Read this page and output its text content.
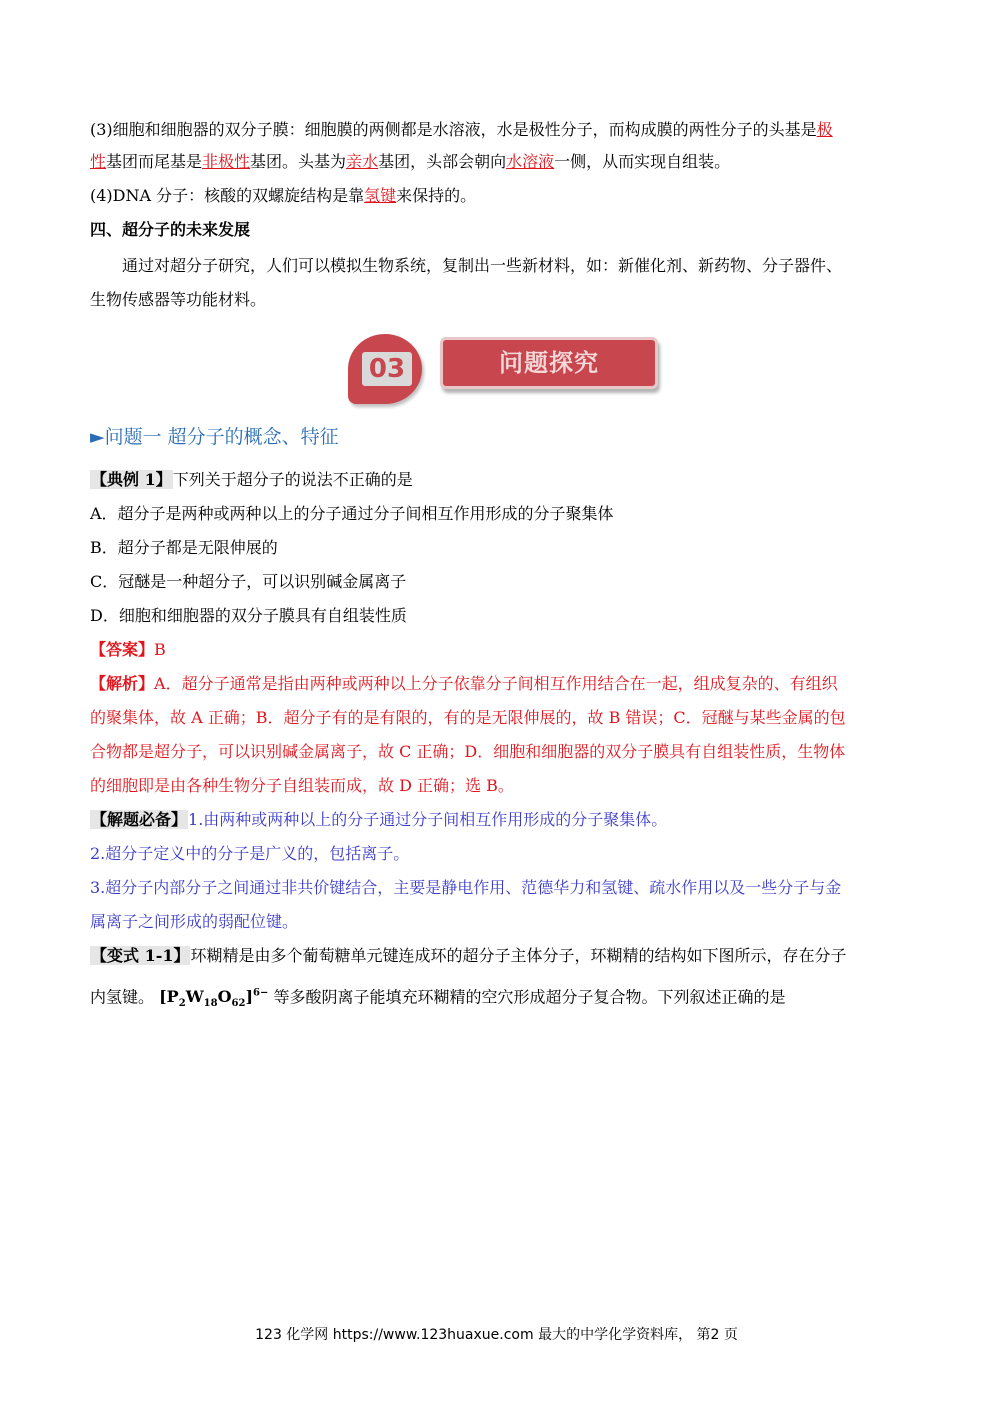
(3)细胞和细胞器的双分子膜：细胞膜的两侧都是水溶液，水是极性分子，而构成膜的两性分子的头基是极
性基团而尾基是非极性基团。头基为亲水基团，头部会朝向水溶液一侧，从而实现自组装。
(4)DNA 分子：核酸的双螺旋结构是靠氢键来保持的。
四、超分子的未来发展
通过对超分子研究，人们可以模拟生物系统，复制出一些新材料，如：新催化剂、新药物、分子器件、
生物传感器等功能材料。
03	问题探究
►问题一 超分子的概念、特征
【典例 1】下列关于超分子的说法不正确的是
A．超分子是两种或两种以上的分子通过分子间相互作用形成的分子聚集体
B．超分子都是无限伸展的
C．冠醚是一种超分子，可以识别碱金属离子
D．细胞和细胞器的双分子膜具有自组装性质
【答案】B
【解析】A．超分子通常是指由两种或两种以上分子依靠分子间相互作用结合在一起，组成复杂的、有组织
的聚集体，故 A 正确；B．超分子有的是有限的，有的是无限伸展的，故 B 错误；C．冠醚与某些金属的包
合物都是超分子，可以识别碱金属离子，故 C 正确；D．细胞和细胞器的双分子膜具有自组装性质，生物体
的细胞即是由各种生物分子自组装而成，故 D 正确；选 B。
【解题必备】1.由两种或两种以上的分子通过分子间相互作用形成的分子聚集体。
2.超分子定义中的分子是广义的，包括离子。
3.超分子内部分子之间通过非共价键结合，主要是静电作用、范德华力和氢键、疏水作用以及一些分子与金
属离子之间形成的弱配位键。
【变式 1-1】环糊精是由多个葡萄糖单元键连成环的超分子主体分子，环糊精的结构如下图所示，存在分子
内氢键。 $[P_2W_{18}O_{62}]^{6-}$ 等多酸阴离子能填充环糊精的空穴形成超分子复合物。下列叙述正确的是
123 化学网 https://www.123huaxue.com 最大的中学化学资料库， 第2 页
